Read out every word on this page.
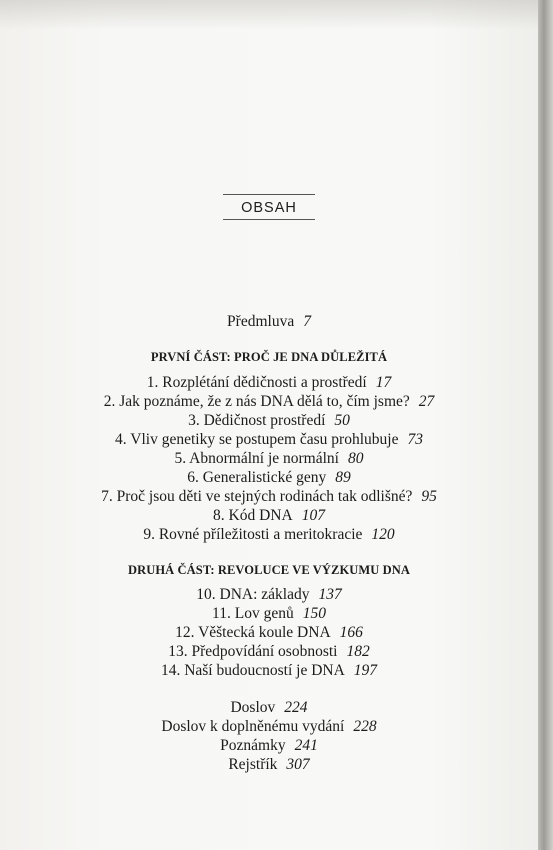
OBSAH
Předmluva 7
PRVNÍ ČÁST: PROČ JE DNA DŮLEŽITÁ
1. Rozplétání dědičnosti a prostředí 17
2. Jak poznáme, že z nás DNA dělá to, čím jsme? 27
3. Dědičnost prostředí 50
4. Vliv genetiky se postupem času prohlubuje 73
5. Abnormální je normální 80
6. Generalistické geny 89
7. Proč jsou děti ve stejných rodinách tak odlišné? 95
8. Kód DNA 107
9. Rovné příležitosti a meritokracie 120
DRUHÁ ČÁST: REVOLUCE VE VÝZKUMU DNA
10. DNA: základy 137
11. Lov genů 150
12. Věštecká koule DNA 166
13. Předpovídání osobnosti 182
14. Naší budoucností je DNA 197
Doslov 224
Doslov k doplněnému vydání 228
Poznámky 241
Rejstřík 307
